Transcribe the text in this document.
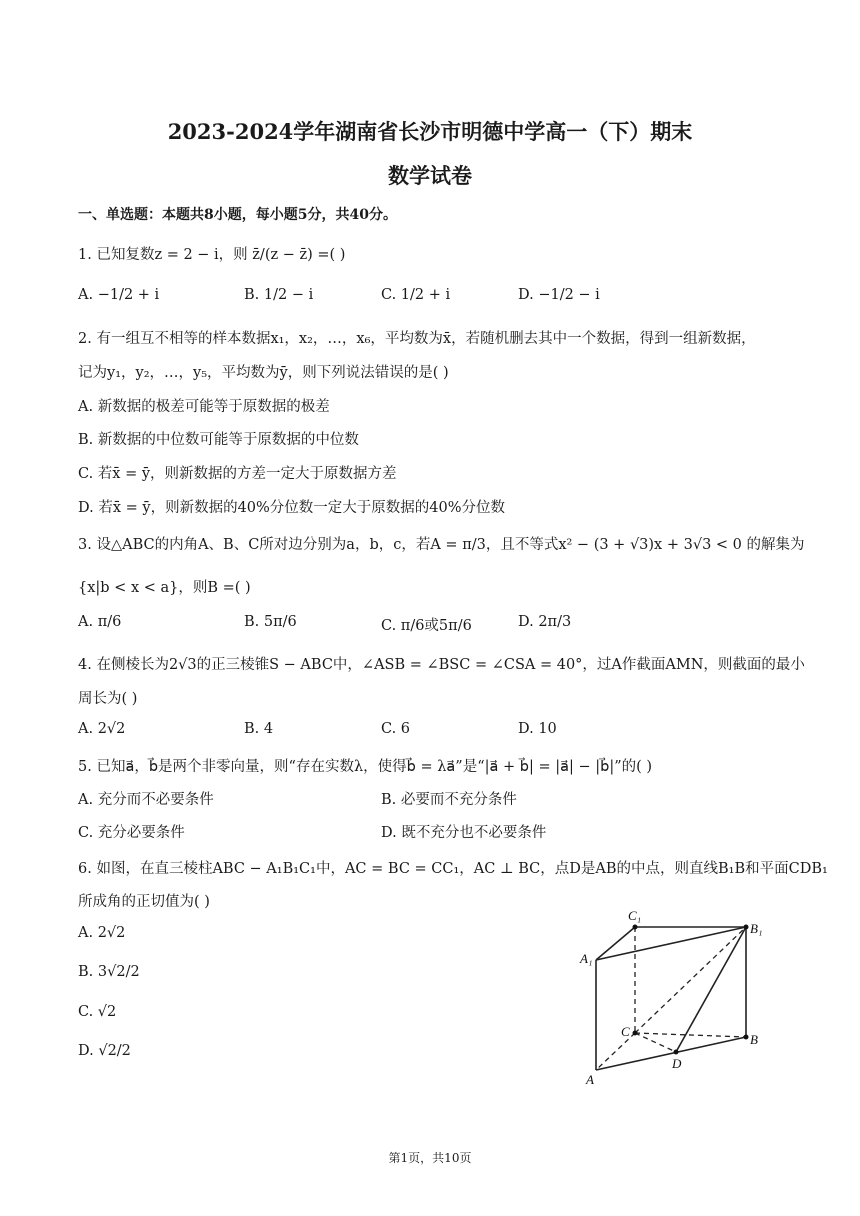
2023-2024学年湖南省长沙市明德中学高一（下）期末
数学试卷
一、单选题：本题共8小题，每小题5分，共40分。
1. 已知复数z = 2 − i，则 z̄/(z − z̄) =( )
A. −1/2 + i	B. 1/2 − i	C. 1/2 + i	D. −1/2 − i
2. 有一组互不相等的样本数据x₁，x₂，…，x₆，平均数为x̄，若随机删去其中一个数据，得到一组新数据，
记为y₁，y₂，…，y₅，平均数为ȳ，则下列说法错误的是( )
A. 新数据的极差可能等于原数据的极差
B. 新数据的中位数可能等于原数据的中位数
C. 若x̄ = ȳ，则新数据的方差一定大于原数据方差
D. 若x̄ = ȳ，则新数据的40%分位数一定大于原数据的40%分位数
3. 设△ABC的内角A、B、C所对边分别为a，b，c，若A = π/3，且不等式x² − (3 + √3)x + 3√3 < 0 的解集为
{x|b < x < a}，则B =( )
A. π/6	B. 5π/6	C. π/6或5π/6	D. 2π/3
4. 在侧棱长为2√3的正三棱锥S − ABC中，∠ASB = ∠BSC = ∠CSA = 40°，过A作截面AMN，则截面的最小
周长为( )
A. 2√2	B. 4	C. 6	D. 10
5. 已知a⃗，b⃗是两个非零向量，则“存在实数λ，使得b⃗ = λa⃗”是“|a⃗ + b⃗| = |a⃗| − |b⃗|”的( )
A. 充分而不必要条件	B. 必要而不充分条件
C. 充分必要条件	D. 既不充分也不必要条件
6. 如图，在直三棱柱ABC − A₁B₁C₁中，AC = BC = CC₁，AC ⊥ BC，点D是AB的中点，则直线B₁B和平面CDB₁
所成角的正切值为( )
A. 2√2
B. 3√2/2
C. √2
D. √2/2
C₁
B₁
A₁
C
B
D
A
第1页，共10页
